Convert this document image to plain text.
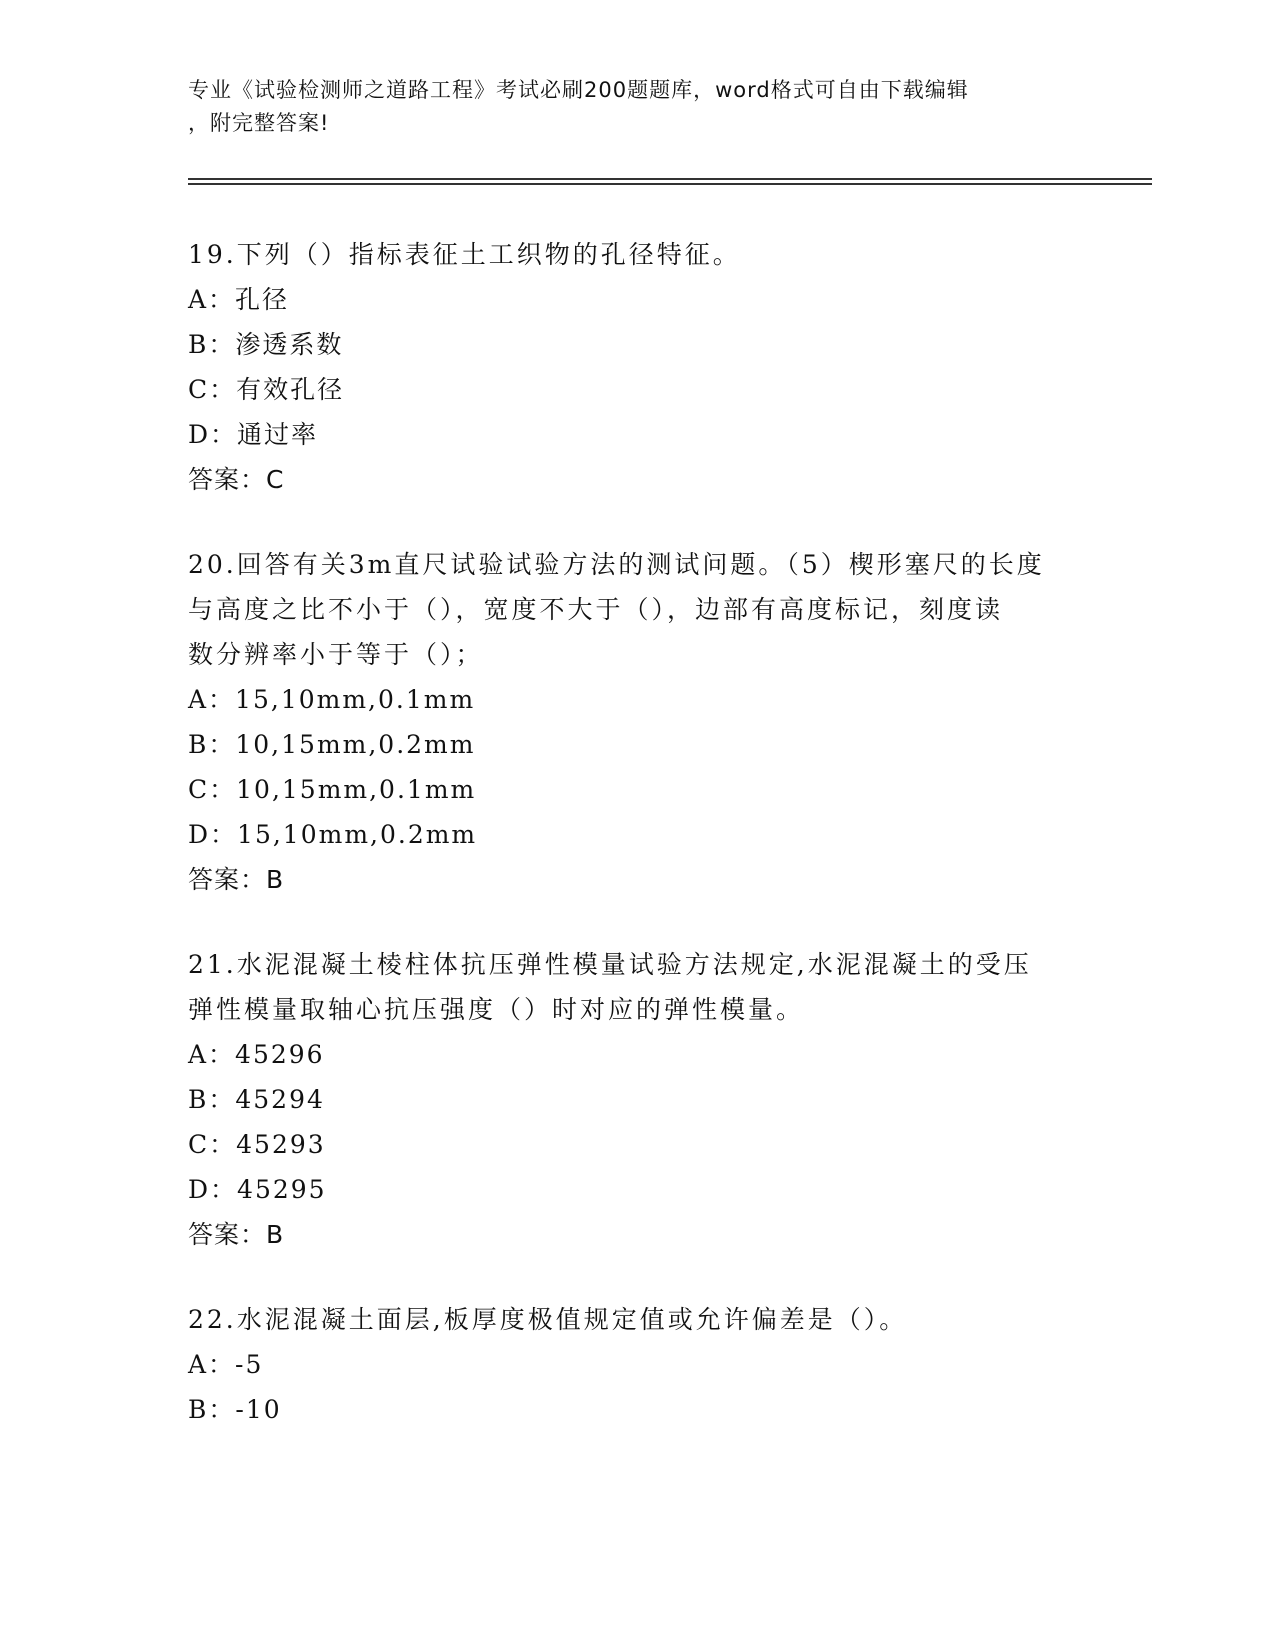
专业《试验检测师之道路工程》考试必刷200题题库，word格式可自由下载编辑
，附完整答案!

19.下列（）指标表征土工织物的孔径特征。

A：孔径

B：渗透系数

C：有效孔径

D：通过率

答案：C

20.回答有关3m直尺试验试验方法的测试问题。（5）楔形塞尺的长度

与高度之比不小于（），宽度不大于（），边部有高度标记，刻度读

数分辨率小于等于（）；

A：15,10mm,0.1mm

B：10,15mm,0.2mm

C：10,15mm,0.1mm

D：15,10mm,0.2mm

答案：B

21.水泥混凝土棱柱体抗压弹性模量试验方法规定,水泥混凝土的受压

弹性模量取轴心抗压强度（）时对应的弹性模量。

A：45296

B：45294

C：45293

D：45295

答案：B

22.水泥混凝土面层,板厚度极值规定值或允许偏差是（）。

A：-5

B：-10
